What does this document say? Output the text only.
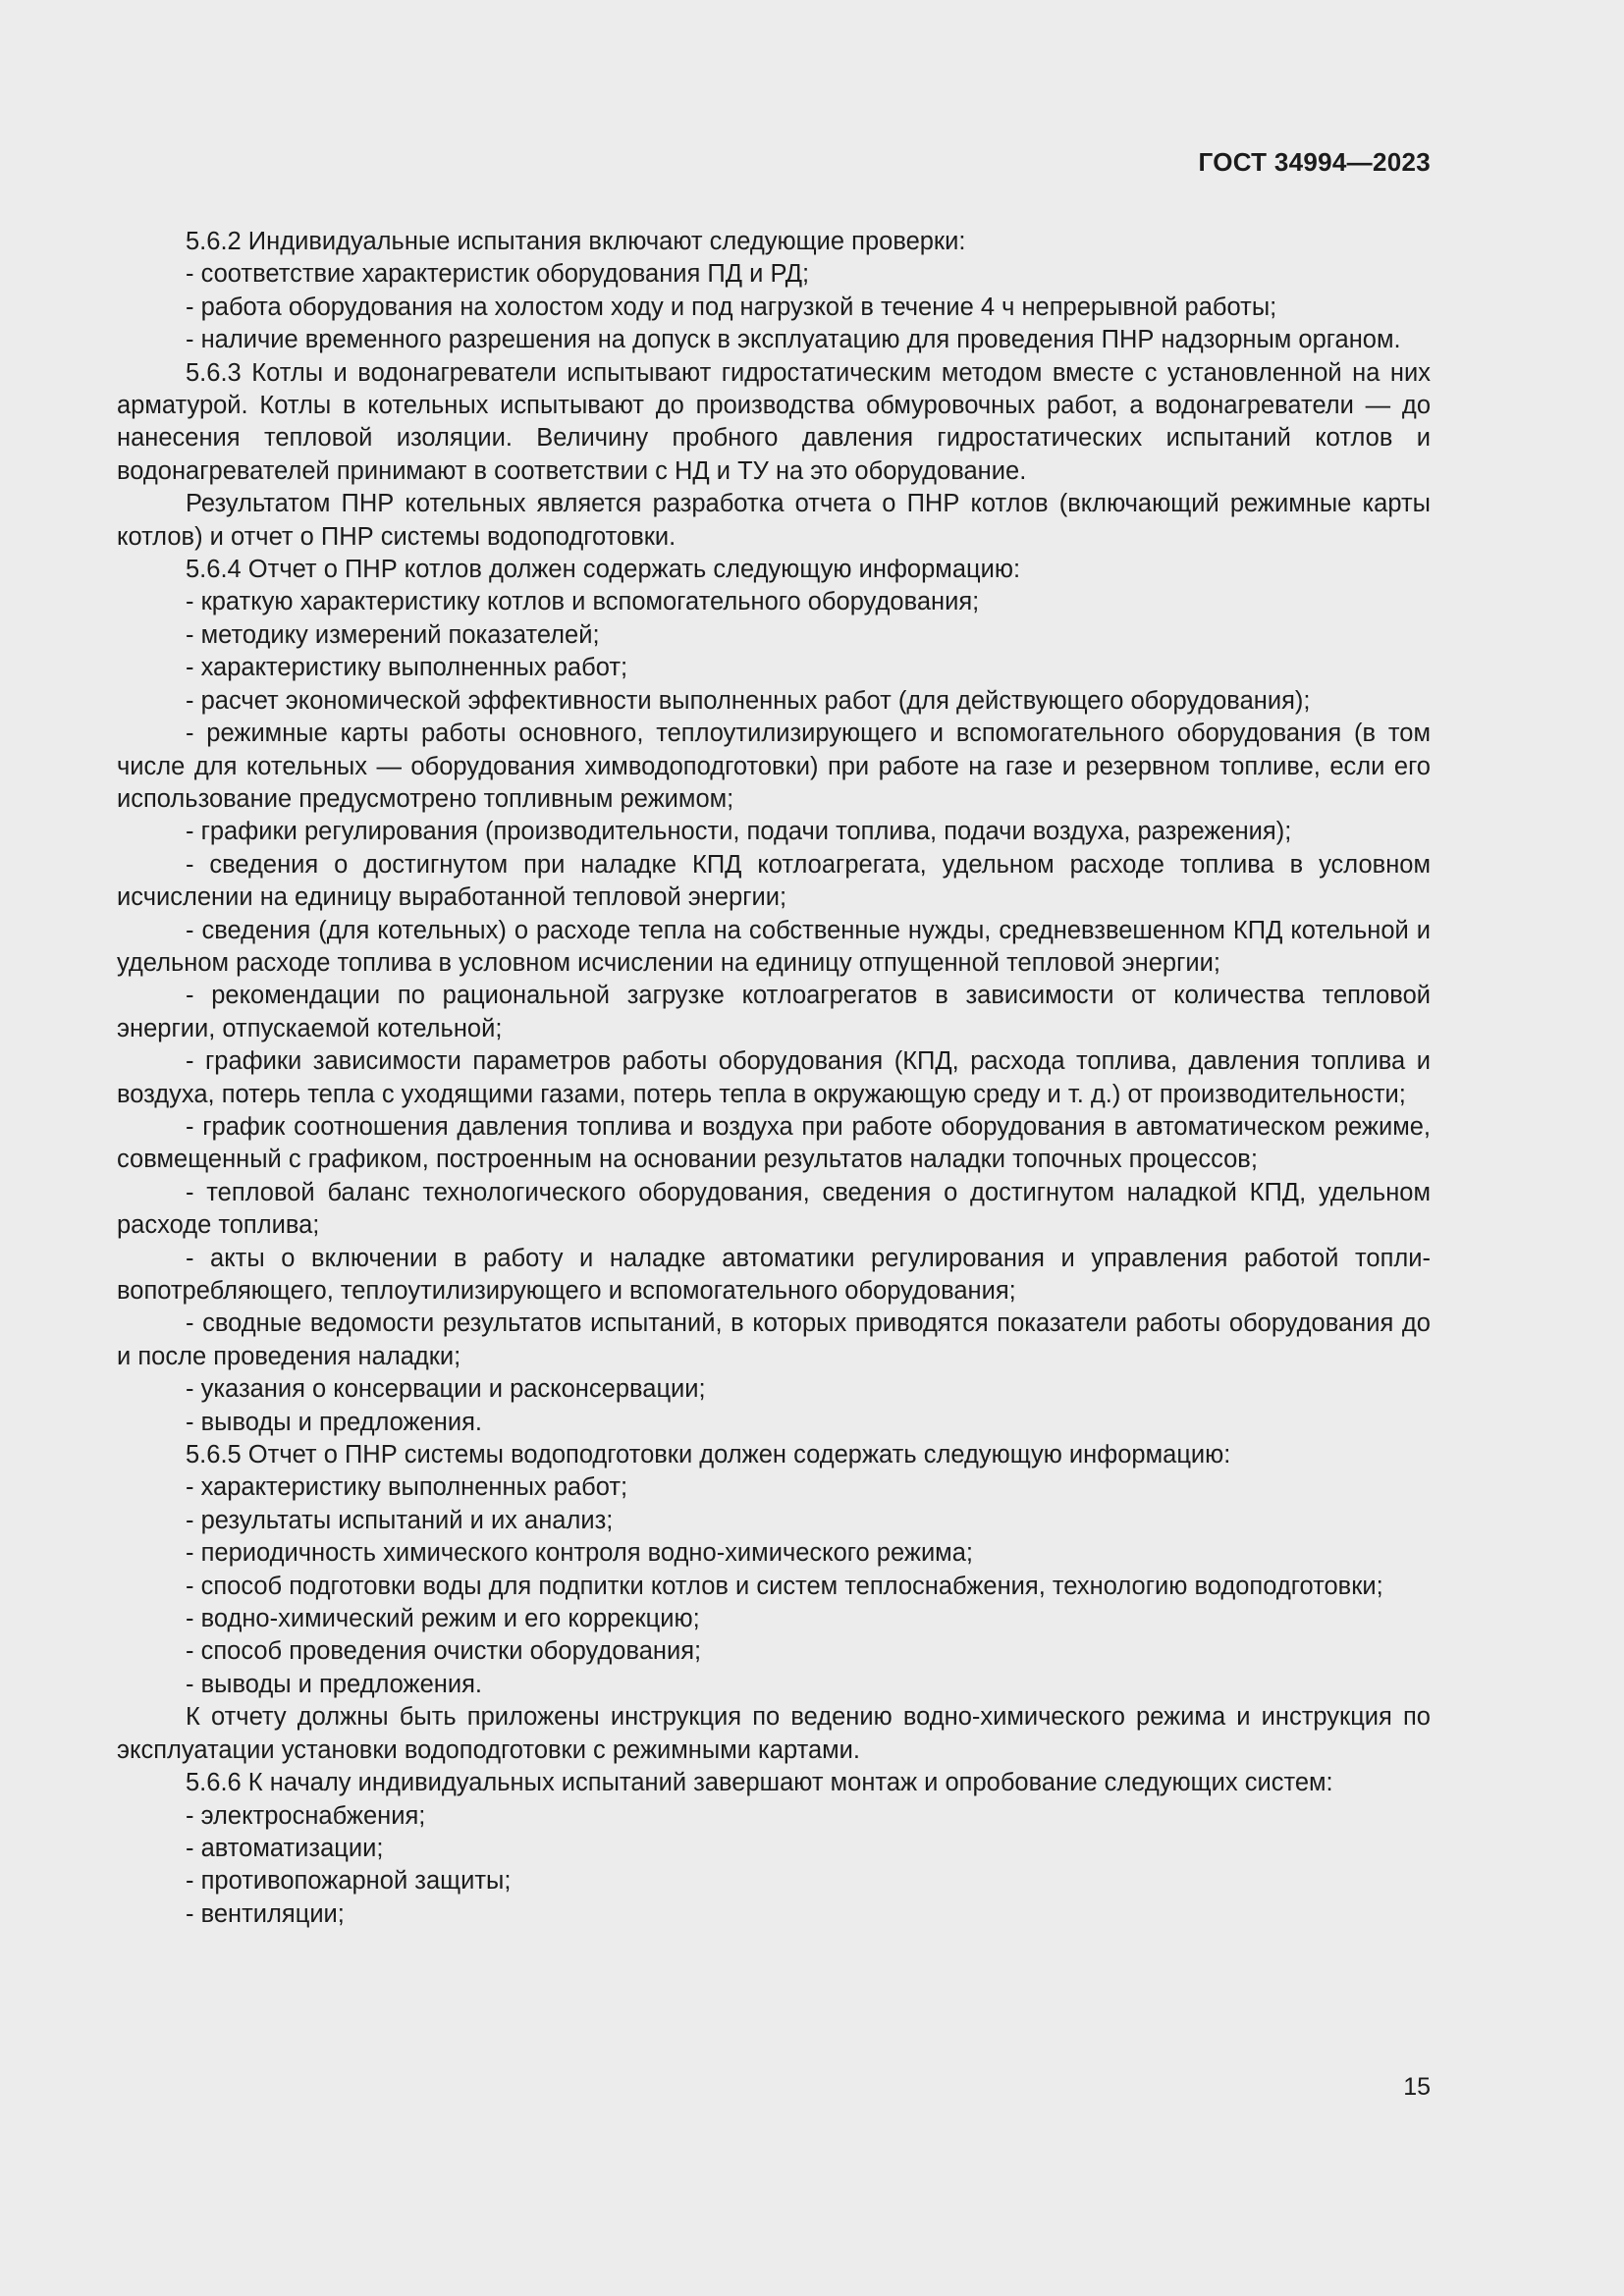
ГОСТ 34994—2023

5.6.2 Индивидуальные испытания включают следующие проверки:

- соответствие характеристик оборудования ПД и РД;

- работа оборудования на холостом ходу и под нагрузкой в течение 4 ч непрерывной работы;

- наличие временного разрешения на допуск в эксплуатацию для проведения ПНР надзорным органом.

5.6.3 Котлы и водонагреватели испытывают гидростатическим методом вместе с установленной на них арматурой. Котлы в котельных испытывают до производства обмуровочных работ, а водонагреватели — до нанесения тепловой изоляции. Величину пробного давления гидростатических испытаний котлов и водонагревателей принимают в соответствии с НД и ТУ на это оборудование.

Результатом ПНР котельных является разработка отчета о ПНР котлов (включающий режимные карты котлов) и отчет о ПНР системы водоподготовки.

5.6.4 Отчет о ПНР котлов должен содержать следующую информацию:

- краткую характеристику котлов и вспомогательного оборудования;

- методику измерений показателей;

- характеристику выполненных работ;

- расчет экономической эффективности выполненных работ (для действующего оборудования);

- режимные карты работы основного, теплоутилизирующего и вспомогательного оборудования (в том числе для котельных — оборудования химводоподготовки) при работе на газе и резервном топливе, если его использование предусмотрено топливным режимом;

- графики регулирования (производительности, подачи топлива, подачи воздуха, разрежения);

- сведения о достигнутом при наладке КПД котлоагрегата, удельном расходе топлива в условном исчислении на единицу выработанной тепловой энергии;

- сведения (для котельных) о расходе тепла на собственные нужды, средневзвешенном КПД котельной и удельном расходе топлива в условном исчислении на единицу отпущенной тепловой энергии;

- рекомендации по рациональной загрузке котлоагрегатов в зависимости от количества тепловой энергии, отпускаемой котельной;

- графики зависимости параметров работы оборудования (КПД, расхода топлива, давления топлива и воздуха, потерь тепла с уходящими газами, потерь тепла в окружающую среду и т. д.) от производительности;

- график соотношения давления топлива и воздуха при работе оборудования в автоматическом режиме, совмещенный с графиком, построенным на основании результатов наладки топочных процессов;

- тепловой баланс технологического оборудования, сведения о достигнутом наладкой КПД, удельном расходе топлива;

- акты о включении в работу и наладке автоматики регулирования и управления работой топливопотребляющего, теплоутилизирующего и вспомогательного оборудования;

- сводные ведомости результатов испытаний, в которых приводятся показатели работы оборудования до и после проведения наладки;

- указания о консервации и расконсервации;

- выводы и предложения.

5.6.5 Отчет о ПНР системы водоподготовки должен содержать следующую информацию:

- характеристику выполненных работ;

- результаты испытаний и их анализ;

- периодичность химического контроля водно-химического режима;

- способ подготовки воды для подпитки котлов и систем теплоснабжения, технологию водоподготовки;

- водно-химический режим и его коррекцию;

- способ проведения очистки оборудования;

- выводы и предложения.

К отчету должны быть приложены инструкция по ведению водно-химического режима и инструкция по эксплуатации установки водоподготовки с режимными картами.

5.6.6 К началу индивидуальных испытаний завершают монтаж и опробование следующих систем:

- электроснабжения;

- автоматизации;

- противопожарной защиты;

- вентиляции;

15
